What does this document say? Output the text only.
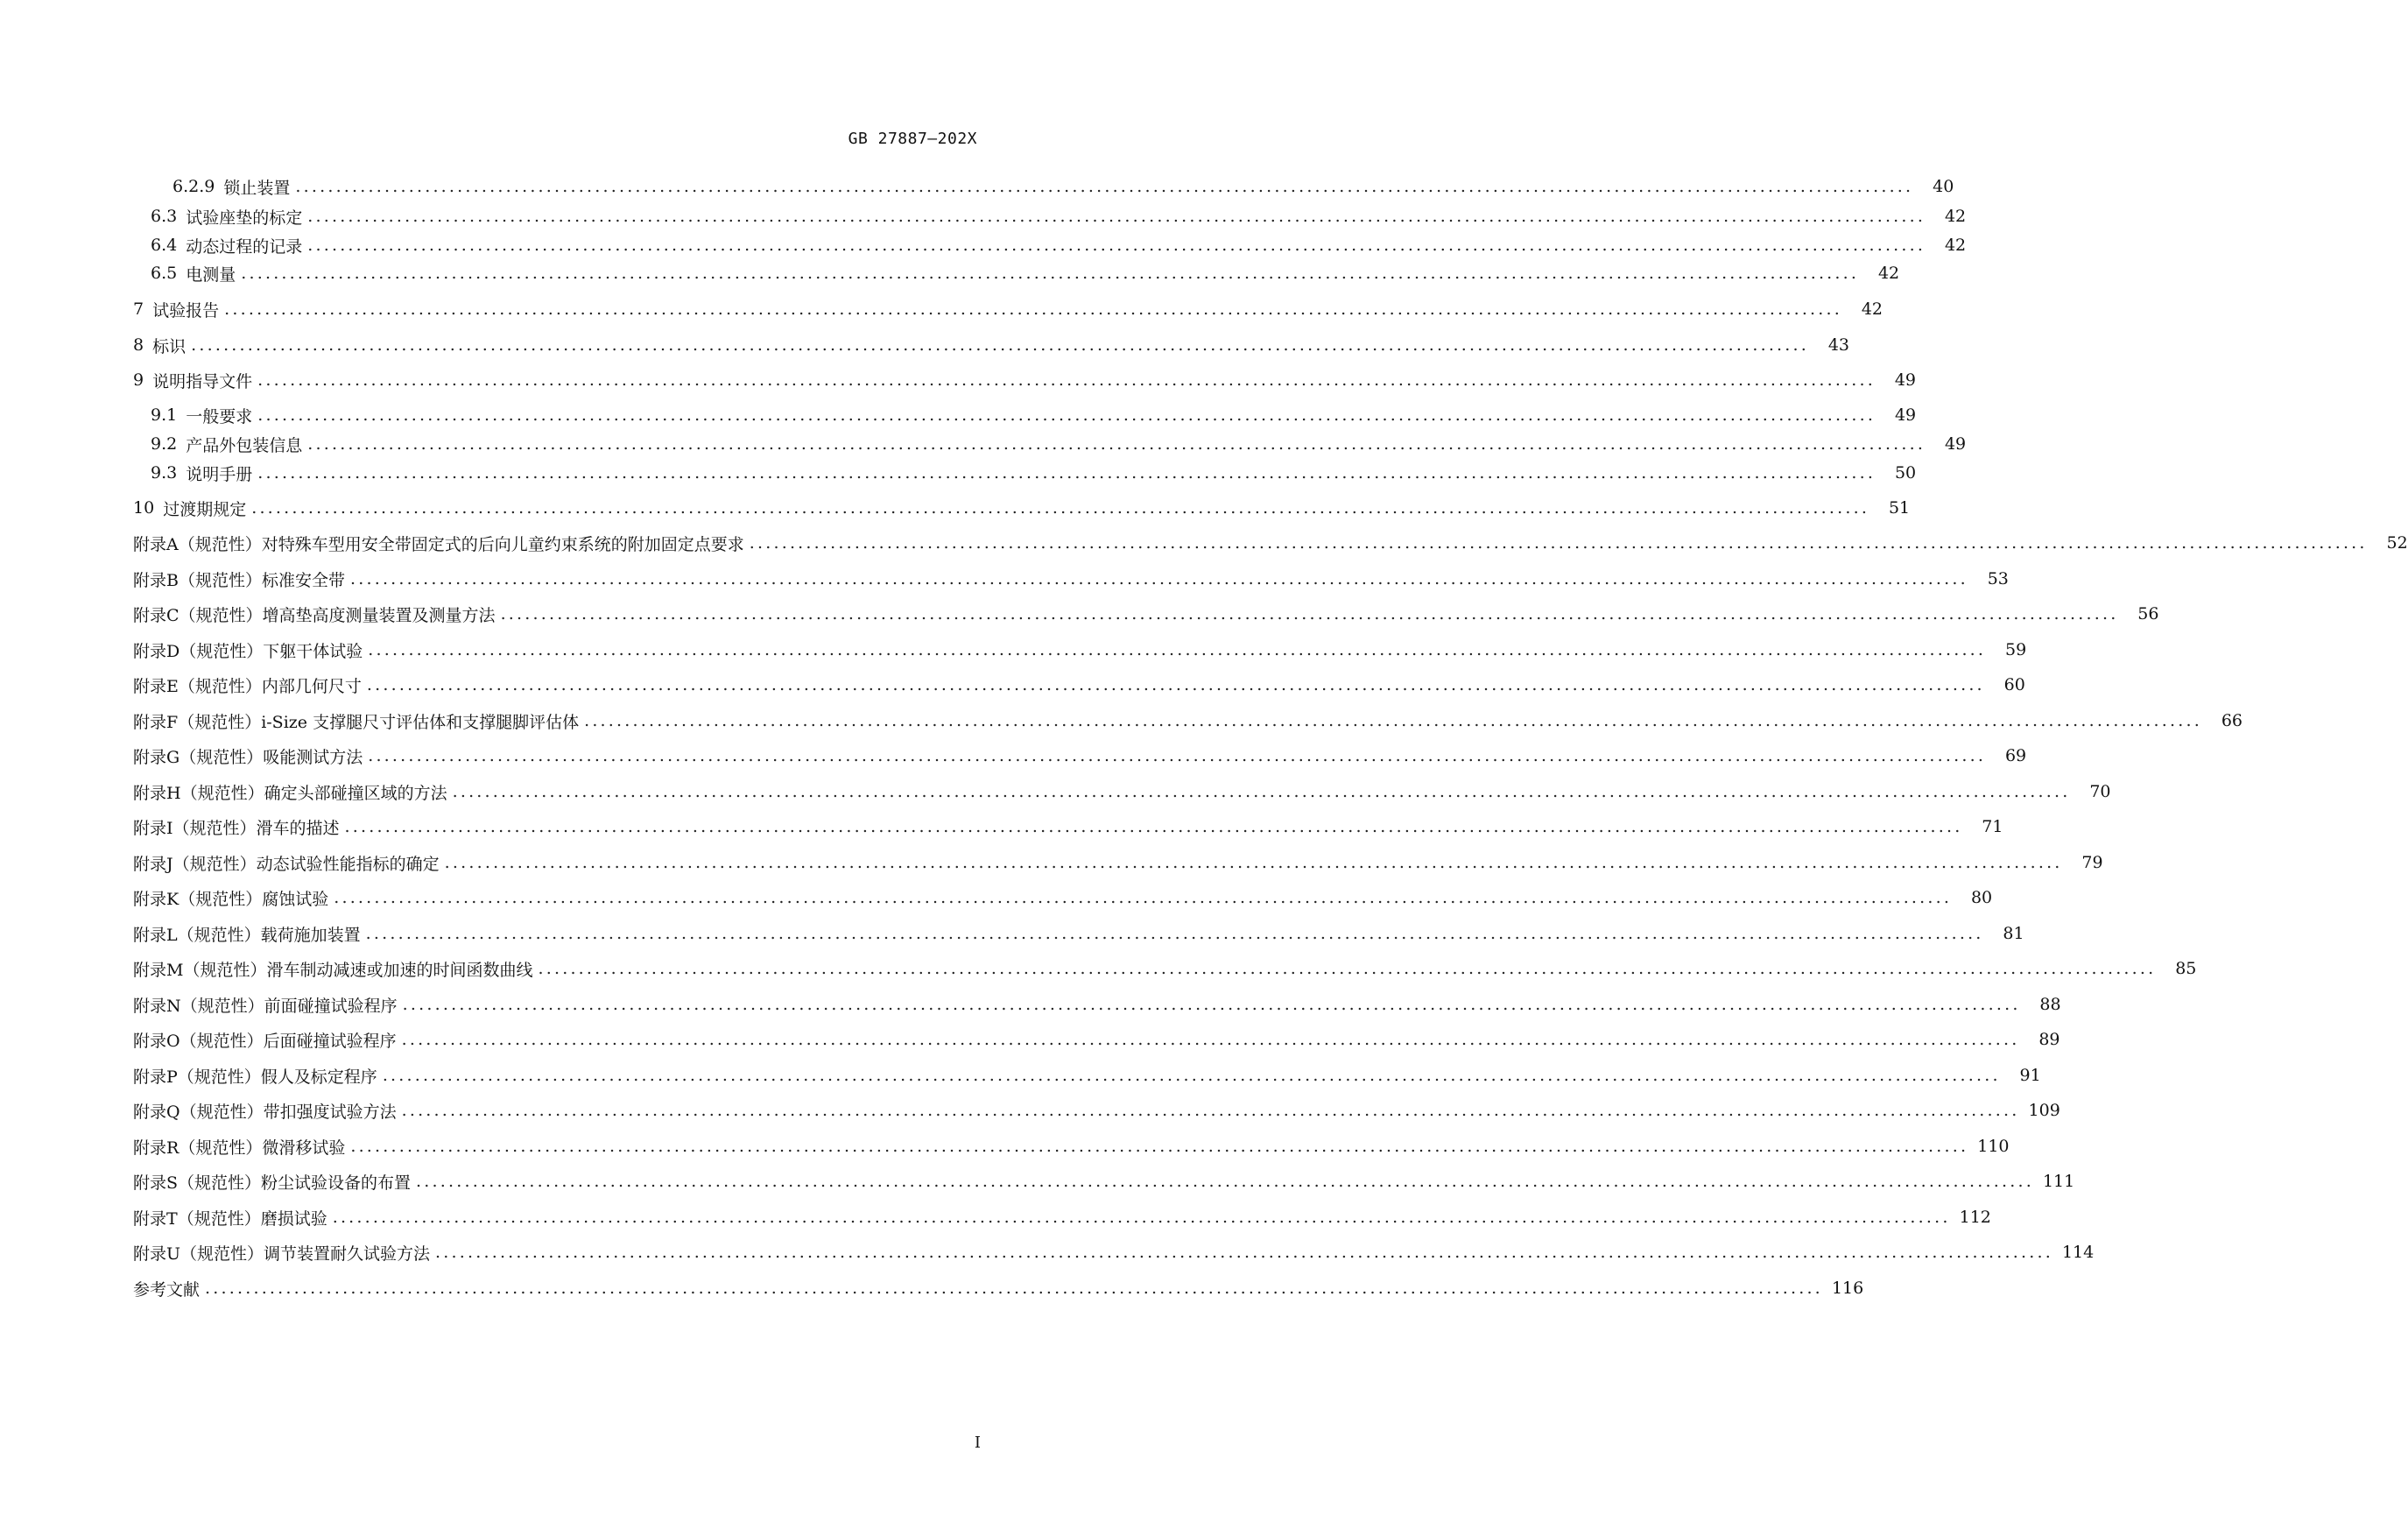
GB 27887—202X
6.2.9 锁止装置 ........................................................................................................................................................................................................	40
6.3 试验座垫的标定 ........................................................................................................................................................................................................	42
6.4 动态过程的记录 ........................................................................................................................................................................................................	42
6.5 电测量 ........................................................................................................................................................................................................	42
7 试验报告 ........................................................................................................................................................................................................	42
8 标识 ........................................................................................................................................................................................................	43
9 说明指导文件 ........................................................................................................................................................................................................	49
9.1 一般要求 ........................................................................................................................................................................................................	49
9.2 产品外包装信息 ........................................................................................................................................................................................................	49
9.3 说明手册 ........................................................................................................................................................................................................	50
10 过渡期规定 ........................................................................................................................................................................................................	51
附录A （规范性）对特殊车型用安全带固定式的后向儿童约束系统的附加固定点要求 ........................................................................................................................................................................................................	52
附录B （规范性）标准安全带 ........................................................................................................................................................................................................	53
附录C （规范性）增高垫高度测量装置及测量方法 ........................................................................................................................................................................................................	56
附录D （规范性）下躯干体试验 ........................................................................................................................................................................................................	59
附录E （规范性）内部几何尺寸 ........................................................................................................................................................................................................	60
附录F （规范性）i-Size 支撑腿尺寸评估体和支撑腿脚评估体 ........................................................................................................................................................................................................	66
附录G （规范性）吸能测试方法 ........................................................................................................................................................................................................	69
附录H （规范性）确定头部碰撞区域的方法 ........................................................................................................................................................................................................	70
附录I （规范性）滑车的描述 ........................................................................................................................................................................................................	71
附录J （规范性）动态试验性能指标的确定 ........................................................................................................................................................................................................	79
附录K （规范性）腐蚀试验 ........................................................................................................................................................................................................	80
附录L （规范性）载荷施加装置 ........................................................................................................................................................................................................	81
附录M （规范性）滑车制动减速或加速的时间函数曲线 ........................................................................................................................................................................................................	85
附录N （规范性）前面碰撞试验程序 ........................................................................................................................................................................................................	88
附录O （规范性）后面碰撞试验程序 ........................................................................................................................................................................................................	89
附录P （规范性）假人及标定程序 ........................................................................................................................................................................................................	91
附录Q （规范性）带扣强度试验方法 ........................................................................................................................................................................................................ 109
附录R （规范性）微滑移试验 ........................................................................................................................................................................................................ 110
附录S （规范性）粉尘试验设备的布置 ........................................................................................................................................................................................................ 111
附录T （规范性）磨损试验 ........................................................................................................................................................................................................ 112
附录U （规范性）调节装置耐久试验方法 ........................................................................................................................................................................................................ 114
参考文献 ........................................................................................................................................................................................................ 116
I
